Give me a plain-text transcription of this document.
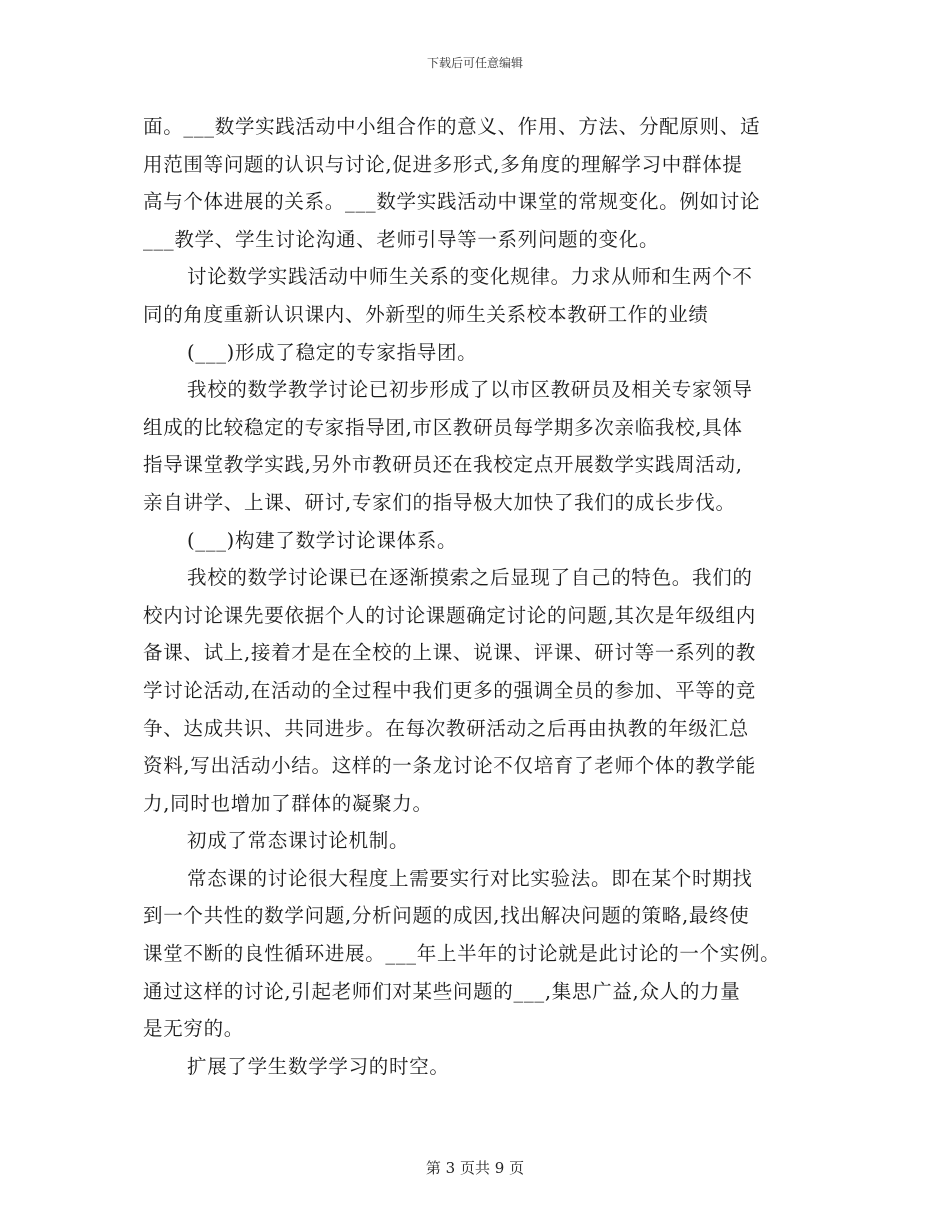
下载后可任意编辑
面。___数学实践活动中小组合作的意义、作用、方法、分配原则、适
用范围等问题的认识与讨论,促进多形式,多角度的理解学习中群体提
高与个体进展的关系。___数学实践活动中课堂的常规变化。例如讨论
___教学、学生讨论沟通、老师引导等一系列问题的变化。
讨论数学实践活动中师生关系的变化规律。力求从师和生两个不
同的角度重新认识课内、外新型的师生关系校本教研工作的业绩
(___)形成了稳定的专家指导团。
我校的数学教学讨论已初步形成了以市区教研员及相关专家领导
组成的比较稳定的专家指导团,市区教研员每学期多次亲临我校,具体
指导课堂教学实践,另外市教研员还在我校定点开展数学实践周活动,
亲自讲学、上课、研讨,专家们的指导极大加快了我们的成长步伐。
(___)构建了数学讨论课体系。
我校的数学讨论课已在逐渐摸索之后显现了自己的特色。我们的
校内讨论课先要依据个人的讨论课题确定讨论的问题,其次是年级组内
备课、试上,接着才是在全校的上课、说课、评课、研讨等一系列的教
学讨论活动,在活动的全过程中我们更多的强调全员的参加、平等的竞
争、达成共识、共同进步。在每次教研活动之后再由执教的年级汇总
资料,写出活动小结。这样的一条龙讨论不仅培育了老师个体的教学能
力,同时也增加了群体的凝聚力。
初成了常态课讨论机制。
常态课的讨论很大程度上需要实行对比实验法。即在某个时期找
到一个共性的数学问题,分析问题的成因,找出解决问题的策略,最终使
课堂不断的良性循环进展。___年上半年的讨论就是此讨论的一个实例。
通过这样的讨论,引起老师们对某些问题的___,集思广益,众人的力量
是无穷的。
扩展了学生数学学习的时空。
第 3 页共 9 页
